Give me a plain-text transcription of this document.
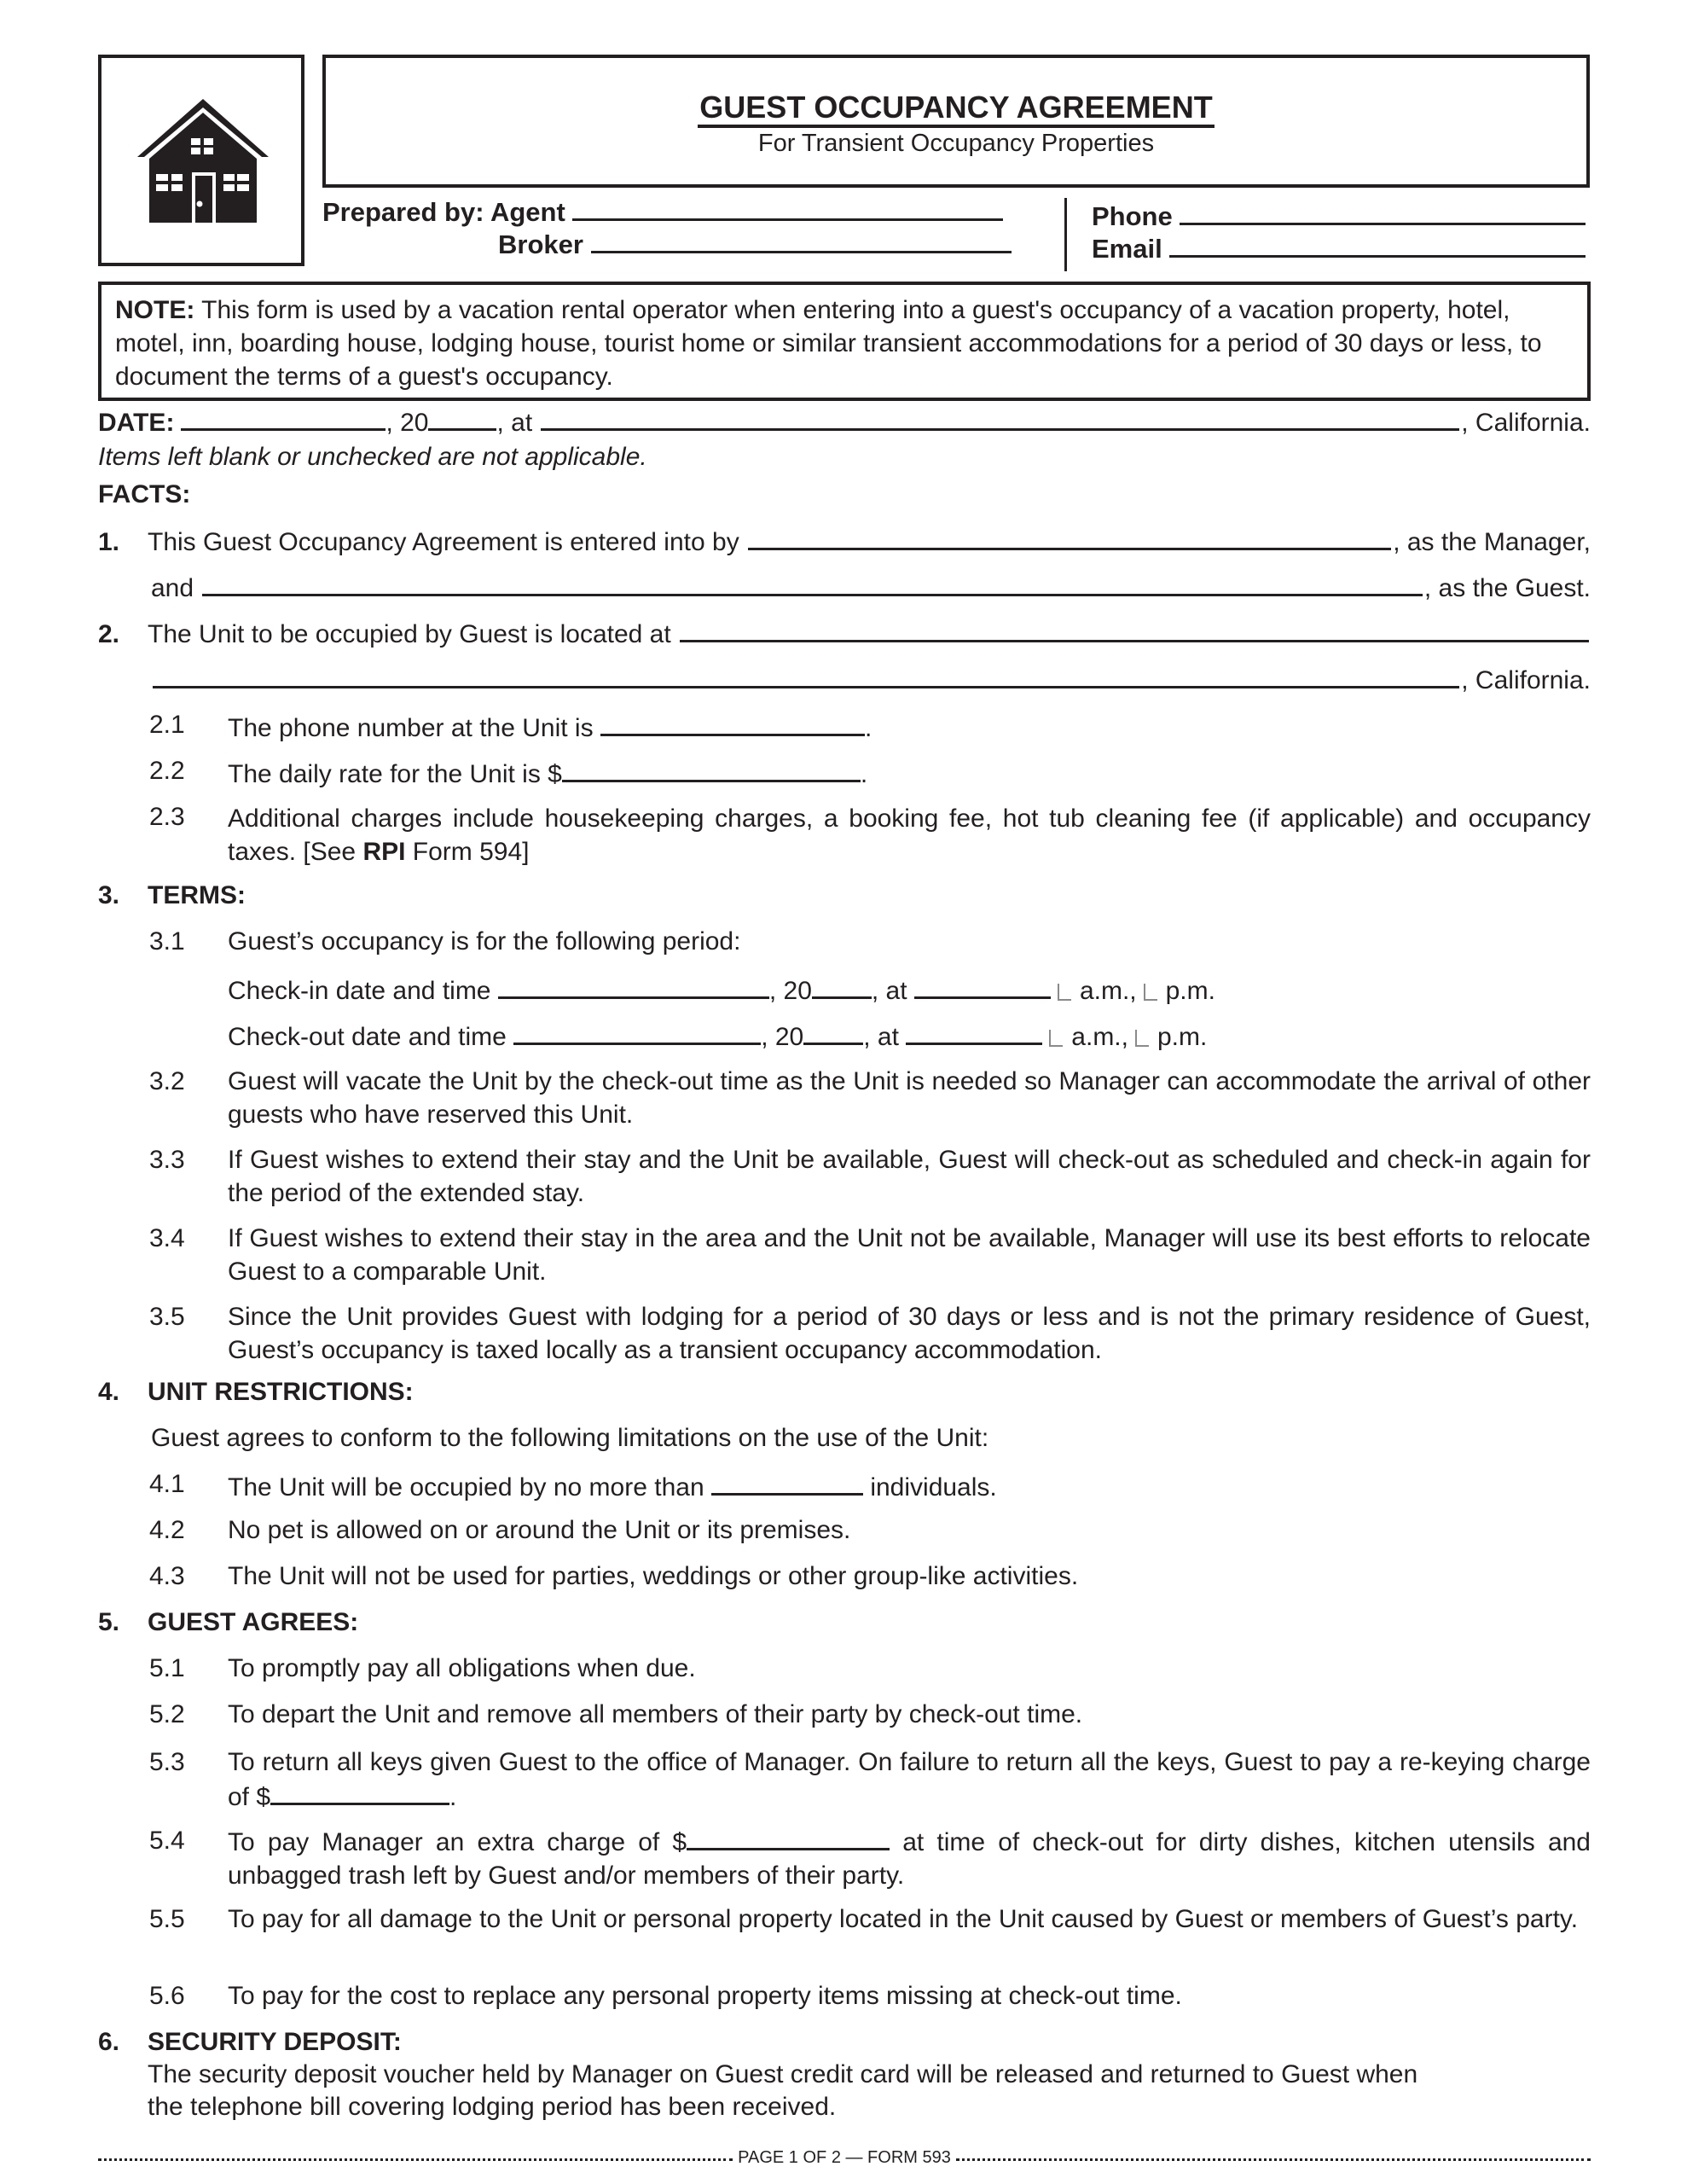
GUEST OCCUPANCY AGREEMENT
For Transient Occupancy Properties
Prepared by: Agent
Broker
Phone
Email
NOTE: This form is used by a vacation rental operator when entering into a guest's occupancy of a vacation property, hotel, motel, inn, boarding house, lodging house, tourist home or similar transient accommodations for a period of 30 days or less, to document the terms of a guest's occupancy.
DATE:	, 20	, at	, California.
Items left blank or unchecked are not applicable.
FACTS:
1.	This Guest Occupancy Agreement is entered into by	, as the Manager,
and	, as the Guest.
2.	The Unit to be occupied by Guest is located at
, California.
2.1 The phone number at the Unit is	.
2.2 The daily rate for the Unit is $	.
2.3 Additional charges include housekeeping charges, a booking fee, hot tub cleaning fee (if applicable) and occupancy taxes. [See RPI Form 594]
3. TERMS:
3.1 Guest’s occupancy is for the following period:
Check-in date and time	, 20 , at	a.m., p.m.
Check-out date and time	, 20 , at	a.m., p.m.
3.2 Guest will vacate the Unit by the check-out time as the Unit is needed so Manager can accommodate the arrival of other guests who have reserved this Unit.
3.3 If Guest wishes to extend their stay and the Unit be available, Guest will check-out as scheduled and check-in again for the period of the extended stay.
3.4 If Guest wishes to extend their stay in the area and the Unit not be available, Manager will use its best efforts to relocate Guest to a comparable Unit.
3.5 Since the Unit provides Guest with lodging for a period of 30 days or less and is not the primary residence of Guest, Guest’s occupancy is taxed locally as a transient occupancy accommodation.
4. UNIT RESTRICTIONS:
Guest agrees to conform to the following limitations on the use of the Unit:
4.1 The Unit will be occupied by no more than	individuals.
4.2 No pet is allowed on or around the Unit or its premises.
4.3 The Unit will not be used for parties, weddings or other group-like activities.
5. GUEST AGREES:
5.1 To promptly pay all obligations when due.
5.2 To depart the Unit and remove all members of their party by check-out time.
5.3 To return all keys given Guest to the office of Manager. On failure to return all the keys, Guest to pay a re-keying charge of $	.
5.4 To pay Manager an extra charge of $	at time of check-out for dirty dishes, kitchen utensils and unbagged trash left by Guest and/or members of their party.
5.5 To pay for all damage to the Unit or personal property located in the Unit caused by Guest or members of Guest’s party.
5.6 To pay for the cost to replace any personal property items missing at check-out time.
6. SECURITY DEPOSIT:
The security deposit voucher held by Manager on Guest credit card will be released and returned to Guest when
the telephone bill covering lodging period has been received.
PAGE 1 OF 2 — FORM 593
